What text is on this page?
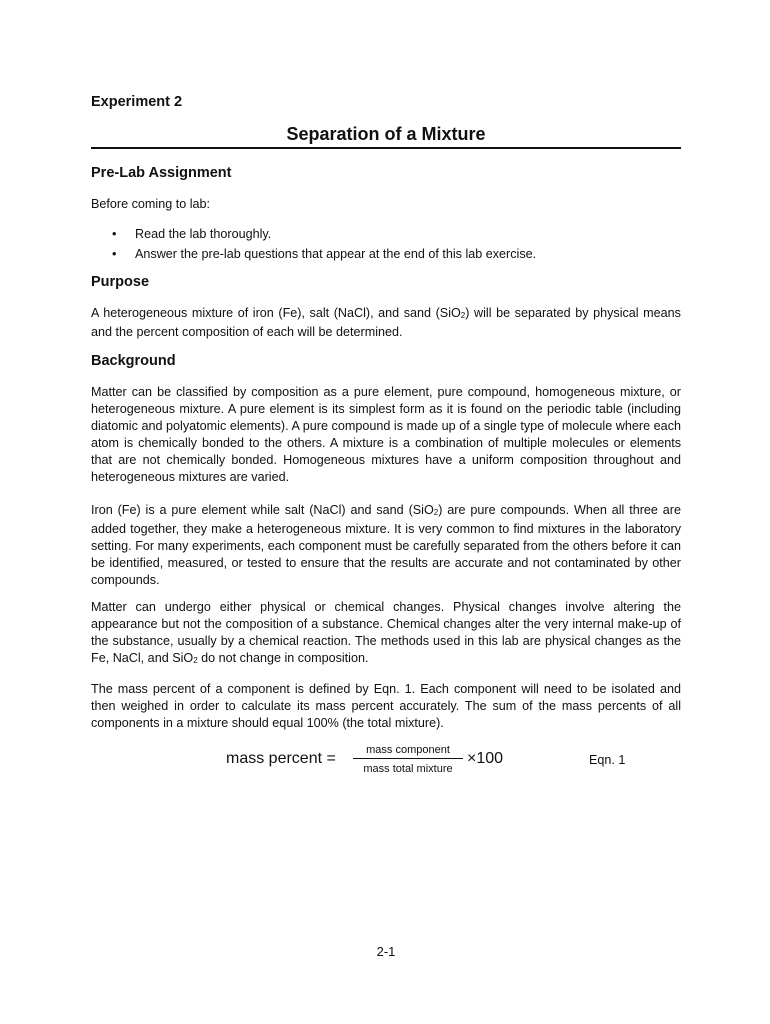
Experiment 2
Separation of a Mixture
Pre-Lab Assignment
Before coming to lab:
• Read the lab thoroughly.
• Answer the pre-lab questions that appear at the end of this lab exercise.
Purpose

A heterogeneous mixture of iron (Fe), salt (NaCl), and sand (SiO$_2$) will be separated by physical means and the percent composition of each will be determined.

Background

Matter can be classified by composition as a pure element, pure compound, homogeneous mixture, or heterogeneous mixture. A pure element is its simplest form as it is found on the periodic table (including diatomic and polyatomic elements). A pure compound is made up of a single type of molecule where each atom is chemically bonded to the others. A mixture is a combination of multiple molecules or elements that are not chemically bonded. Homogeneous mixtures have a uniform composition throughout and heterogeneous mixtures are varied.

Iron (Fe) is a pure element while salt (NaCl) and sand (SiO$_2$) are pure compounds. When all three are added together, they make a heterogeneous mixture. It is very common to find mixtures in the laboratory setting. For many experiments, each component must be carefully separated from the others before it can be identified, measured, or tested to ensure that the results are accurate and not contaminated by other compounds.

Matter can undergo either physical or chemical changes. Physical changes involve altering the appearance but not the composition of a substance. Chemical changes alter the very internal make-up of the substance, usually by a chemical reaction. The methods used in this lab are physical changes as the Fe, NaCl, and SiO$_2$ do not change in composition.

The mass percent of a component is defined by Eqn. 1. Each component will need to be isolated and then weighed in order to calculate its mass percent accurately. The sum of the mass percents of all components in a mixture should equal 100% (the total mixture).

mass percent =	mass component
mass total mixture
×100	Eqn. 1
2-1
